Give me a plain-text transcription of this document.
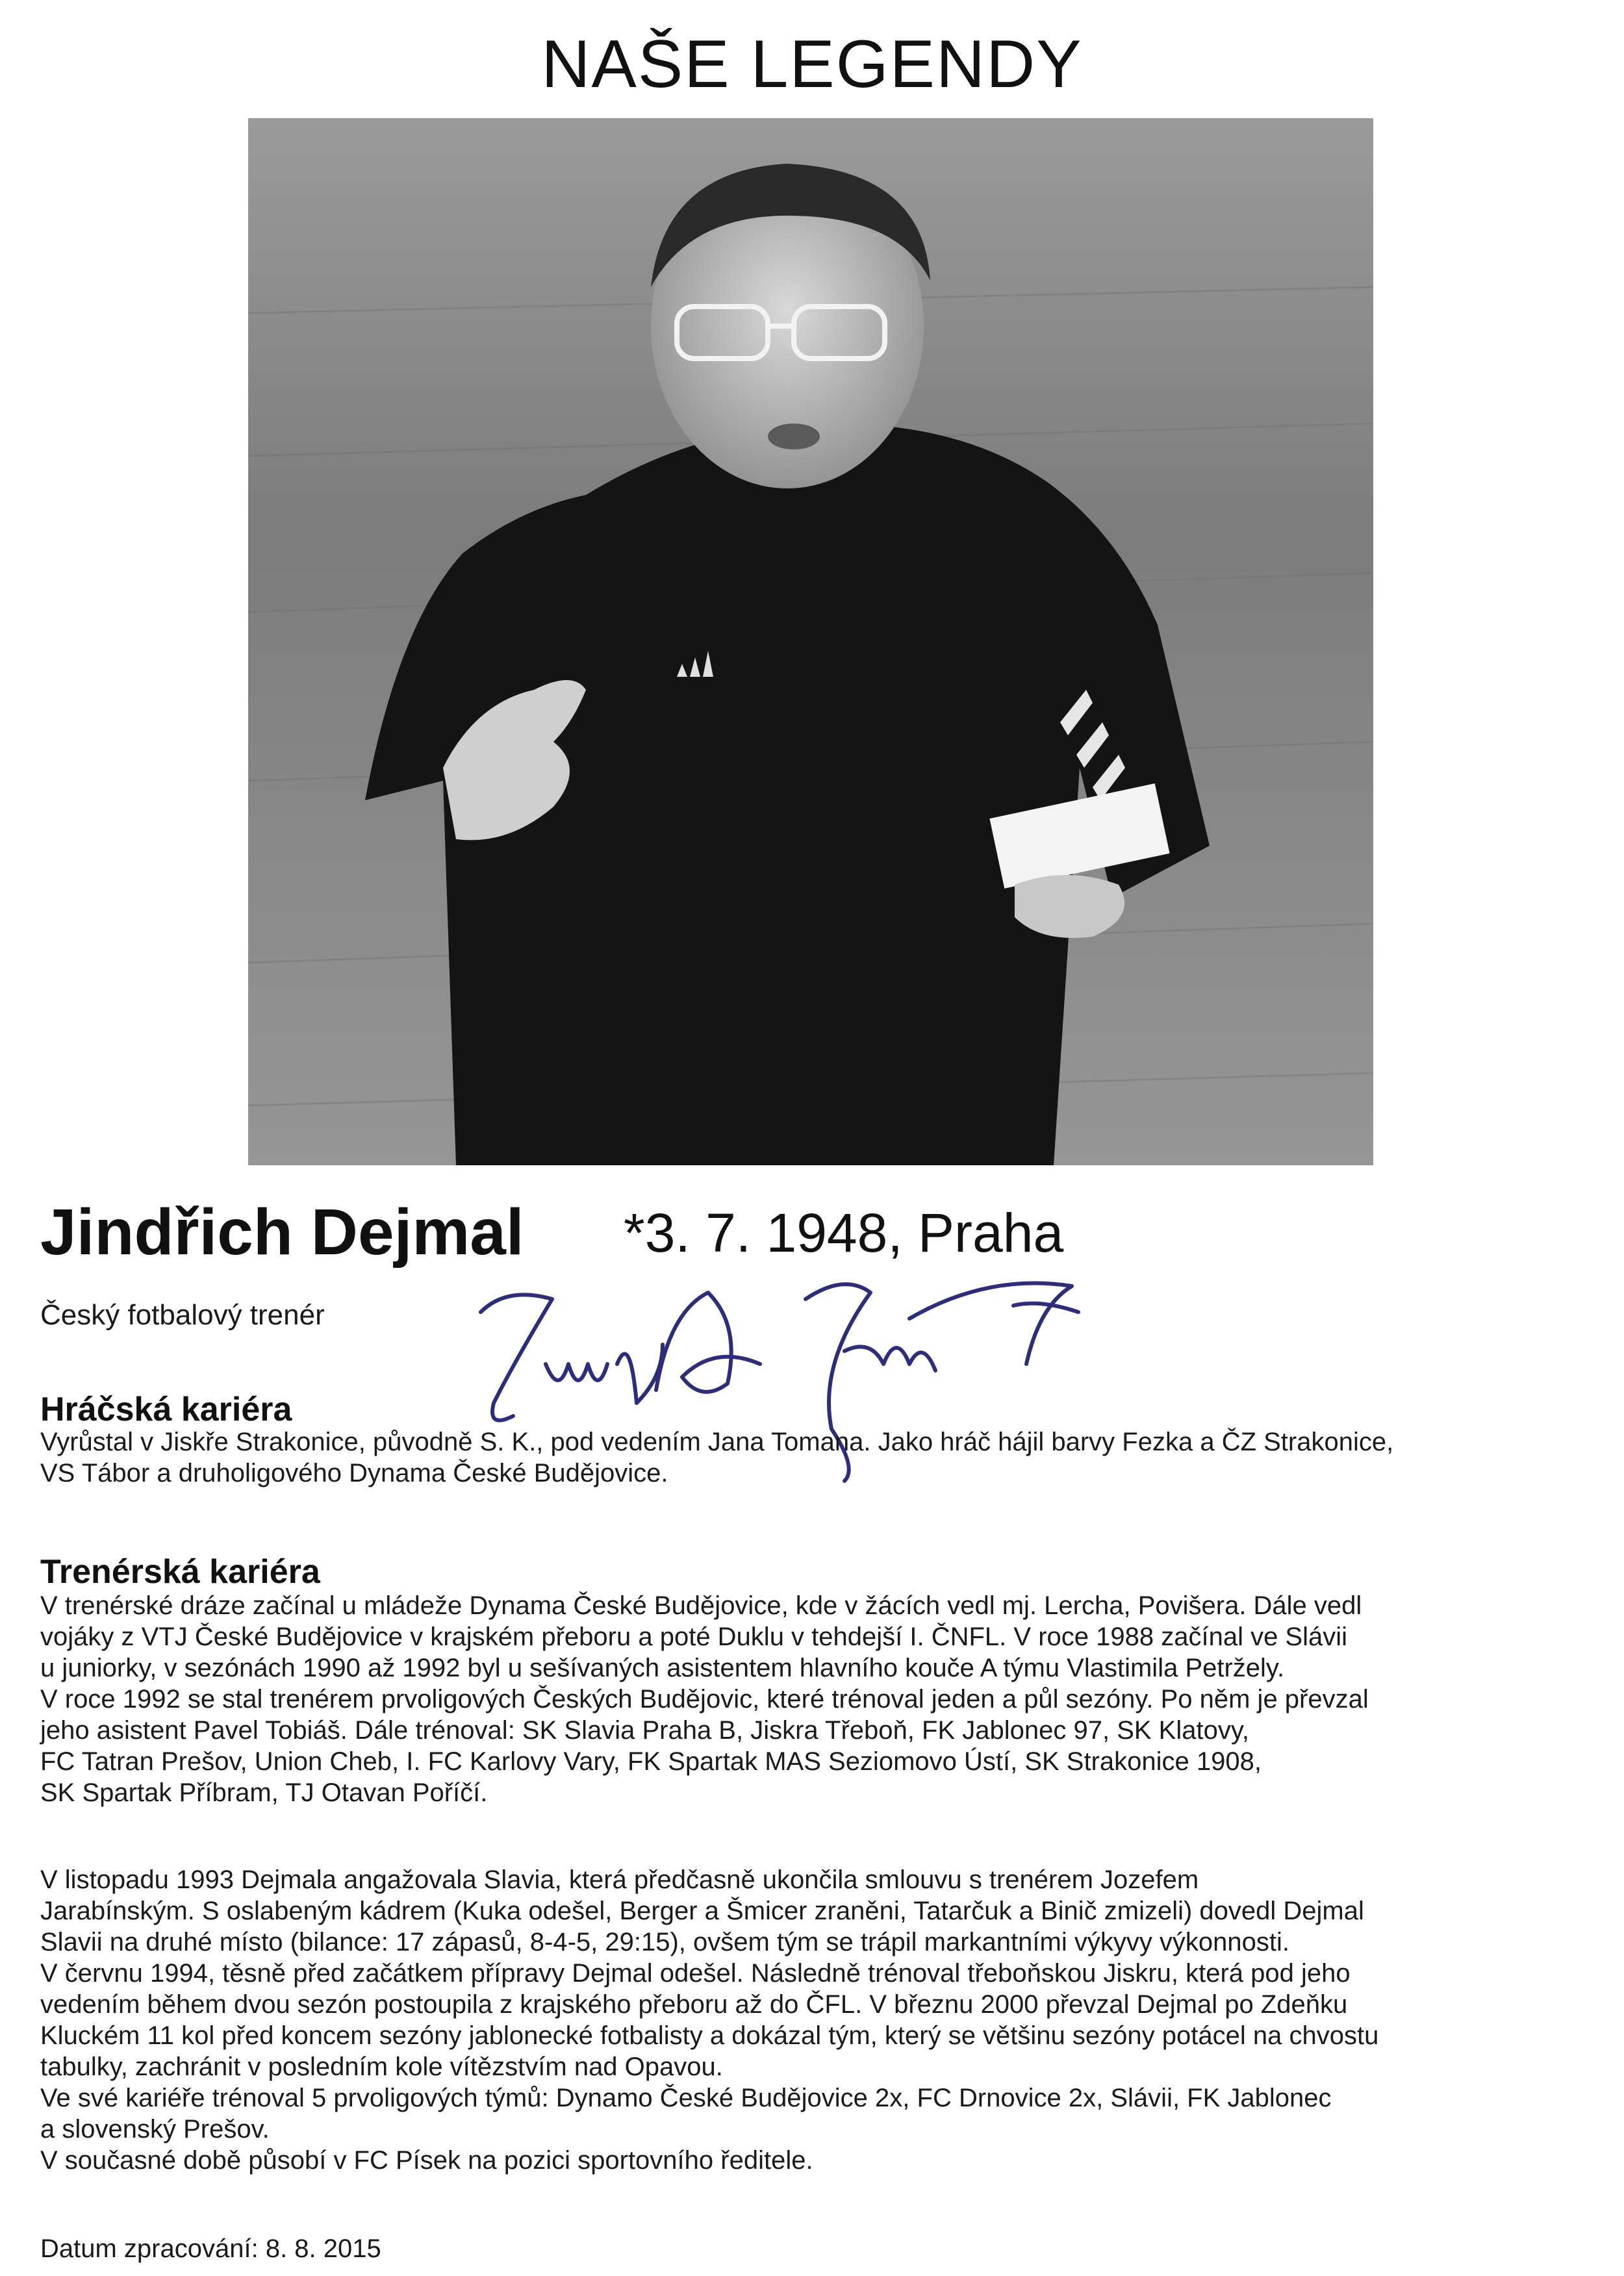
NAŠE LEGENDY
Jindřich Dejmal *3. 7. 1948, Praha
Český fotbalový trenér
Hráčská kariéra
Vyrůstal v Jiskře Strakonice, původně S. K., pod vedením Jana Tomana. Jako hráč hájil barvy Fezka a ČZ Strakonice,
VS Tábor a druholigového Dynama České Budějovice.
Trenérská kariéra
V trenérské dráze začínal u mládeže Dynama České Budějovice, kde v žácích vedl mj. Lercha, Povišera. Dále vedl
vojáky z VTJ České Budějovice v krajském přeboru a poté Duklu v tehdejší I. ČNFL. V roce 1988 začínal ve Slávii
u juniorky, v sezónách 1990 až 1992 byl u sešívaných asistentem hlavního kouče A týmu Vlastimila Petržely.
V roce 1992 se stal trenérem prvoligových Českých Budějovic, které trénoval jeden a půl sezóny. Po něm je převzal
jeho asistent Pavel Tobiáš. Dále trénoval: SK Slavia Praha B, Jiskra Třeboň, FK Jablonec 97, SK Klatovy,
FC Tatran Prešov, Union Cheb, I. FC Karlovy Vary, FK Spartak MAS Seziomovo Ústí, SK Strakonice 1908,
SK Spartak Příbram, TJ Otavan Poříčí.
V listopadu 1993 Dejmala angažovala Slavia, která předčasně ukončila smlouvu s trenérem Jozefem
Jarabínským. S oslabeným kádrem (Kuka odešel, Berger a Šmicer zraněni, Tatarčuk a Binič zmizeli) dovedl Dejmal
Slavii na druhé místo (bilance: 17 zápasů, 8-4-5, 29:15), ovšem tým se trápil markantními výkyvy výkonnosti.
V červnu 1994, těsně před začátkem přípravy Dejmal odešel. Následně trénoval třeboňskou Jiskru, která pod jeho
vedením během dvou sezón postoupila z krajského přeboru až do ČFL. V březnu 2000 převzal Dejmal po Zdeňku
Kluckém 11 kol před koncem sezóny jablonecké fotbalisty a dokázal tým, který se většinu sezóny potácel na chvostu
tabulky, zachránit v posledním kole vítězstvím nad Opavou.
Ve své kariéře trénoval 5 prvoligových týmů: Dynamo České Budějovice 2x, FC Drnovice 2x, Slávii, FK Jablonec
a slovenský Prešov.
V současné době působí v FC Písek na pozici sportovního ředitele.
Datum zpracování: 8. 8. 2015
